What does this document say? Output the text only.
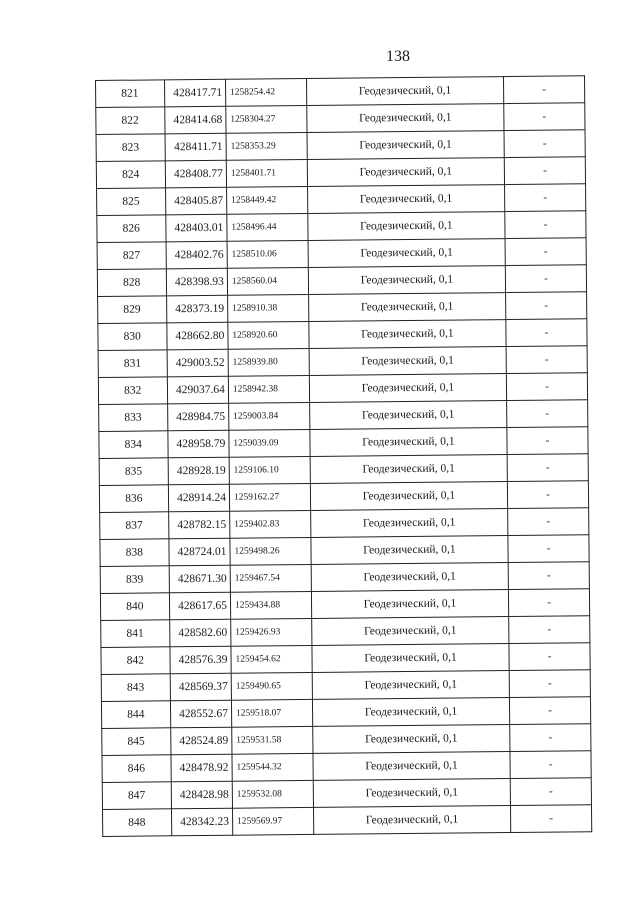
138
821	428417.71	1258254.42	Геодезический, 0,1	-
822	428414.68	1258304.27	Геодезический, 0,1	-
823	428411.71	1258353.29	Геодезический, 0,1	-
824	428408.77	1258401.71	Геодезический, 0,1	-
825	428405.87	1258449.42	Геодезический, 0,1	-
826	428403.01	1258496.44	Геодезический, 0,1	-
827	428402.76	1258510.06	Геодезический, 0,1	-
828	428398.93	1258560.04	Геодезический, 0,1	-
829	428373.19	1258910.38	Геодезический, 0,1	-
830	428662.80	1258920.60	Геодезический, 0,1	-
831	429003.52	1258939.80	Геодезический, 0,1	-
832	429037.64	1258942.38	Геодезический, 0,1	-
833	428984.75	1259003.84	Геодезический, 0,1	-
834	428958.79	1259039.09	Геодезический, 0,1	-
835	428928.19	1259106.10	Геодезический, 0,1	-
836	428914.24	1259162.27	Геодезический, 0,1	-
837	428782.15	1259402.83	Геодезический, 0,1	-
838	428724.01	1259498.26	Геодезический, 0,1	-
839	428671.30	1259467.54	Геодезический, 0,1	-
840	428617.65	1259434.88	Геодезический, 0,1	-
841	428582.60	1259426.93	Геодезический, 0,1	-
842	428576.39	1259454.62	Геодезический, 0,1	-
843	428569.37	1259490.65	Геодезический, 0,1	-
844	428552.67	1259518.07	Геодезический, 0,1	-
845	428524.89	1259531.58	Геодезический, 0,1	-
846	428478.92	1259544.32	Геодезический, 0,1	-
847	428428.98	1259532.08	Геодезический, 0,1	-
848	428342.23	1259569.97	Геодезический, 0,1	-
